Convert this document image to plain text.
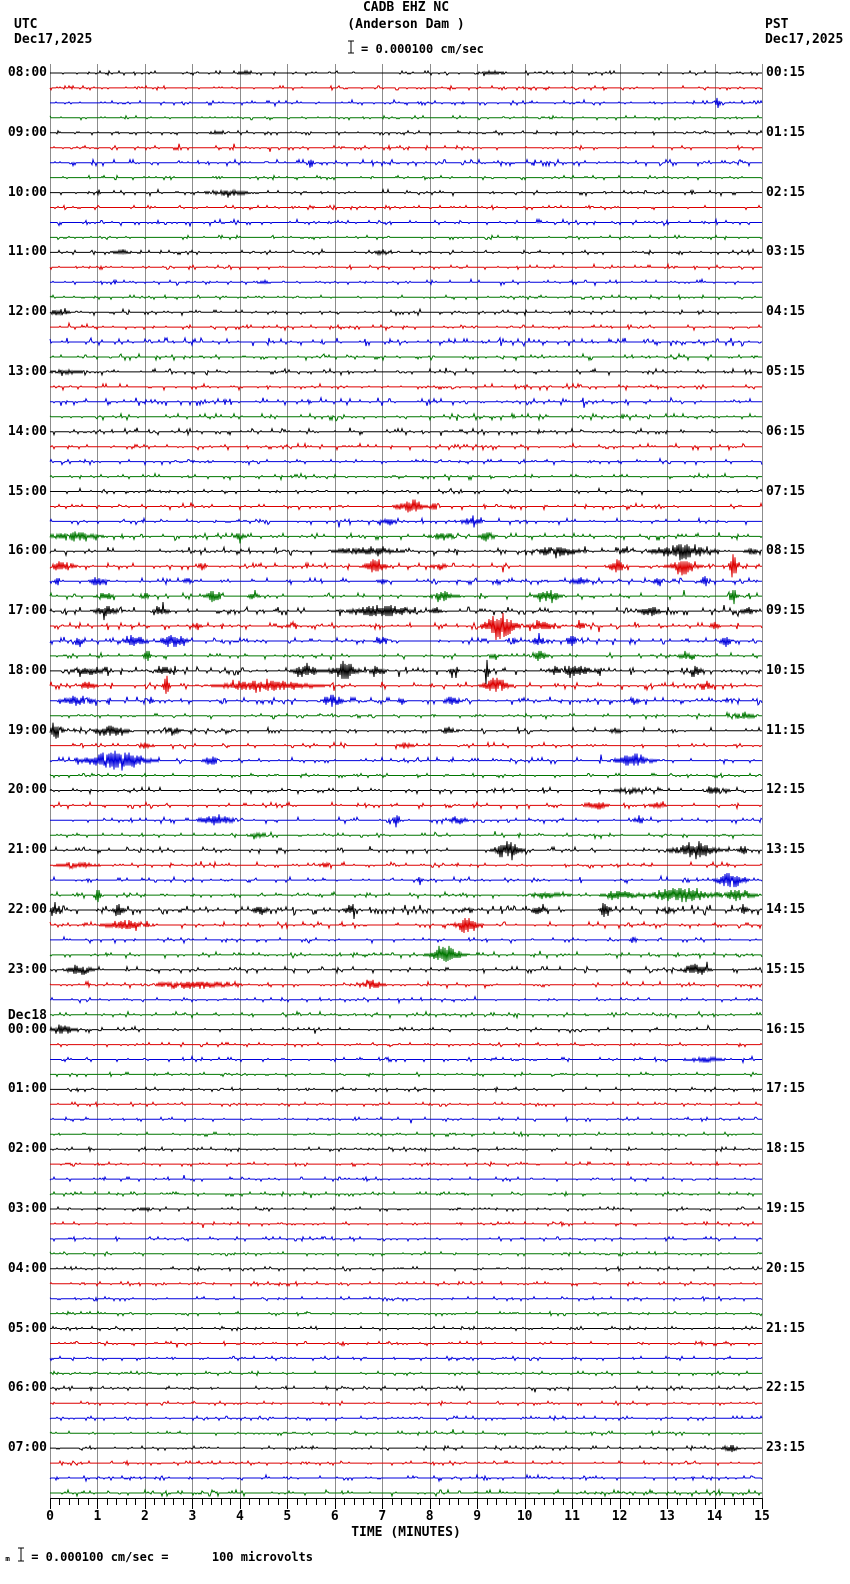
UTC
Dec17,2025
CADB EHZ NC
(Anderson Dam )	PST
Dec17,2025
= 0.000100 cm/sec
08:00
09:00
10:00
11:00
12:00
13:00
14:00
15:00
16:00
17:00
18:00
19:00
20:00
21:00
22:00
23:00
00:00
Dec18
01:00
02:00
03:00
04:00
05:00
06:00
07:00
00:15
01:15
02:15
03:15
04:15
05:15
06:15
07:15
08:15
09:15
10:15
11:15
12:15
13:15
14:15
15:15
16:15
17:15
18:15
19:15
20:15
21:15
22:15
23:15
0	1	2	3	4	5	6	7	8	9	10	11	12	13	14	15
TIME (MINUTES)
ₘ = 0.000100 cm/sec =      100 microvolts
